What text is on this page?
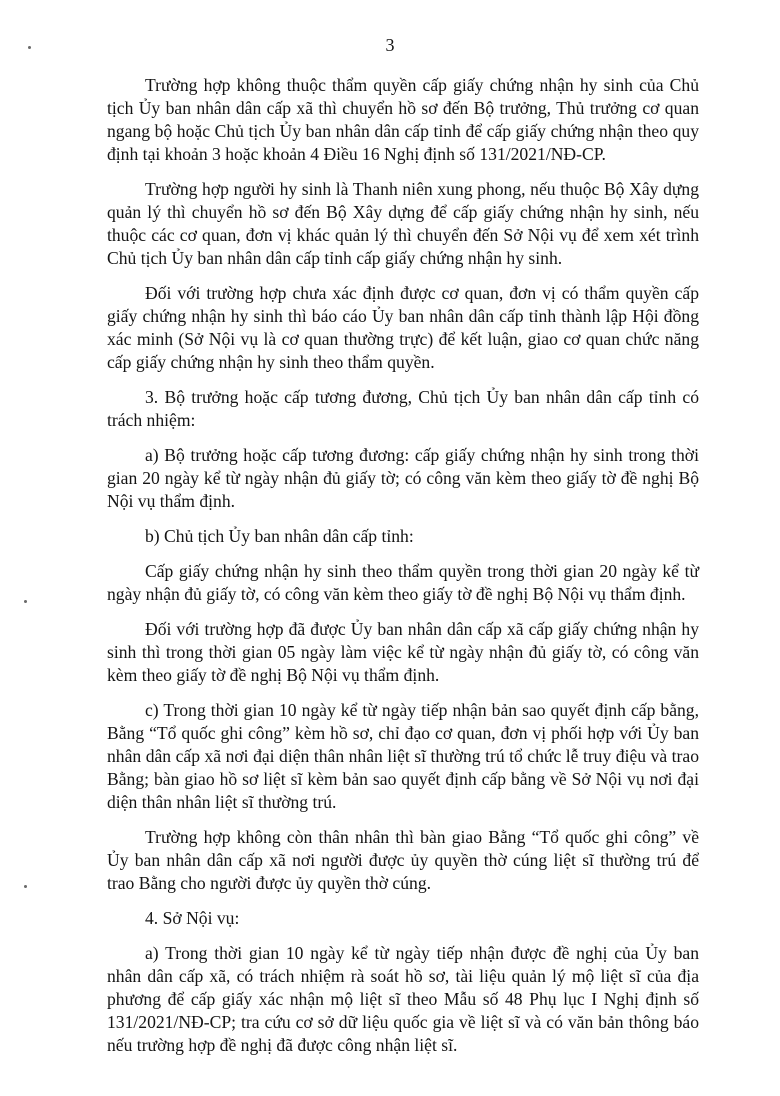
3

Trường hợp không thuộc thẩm quyền cấp giấy chứng nhận hy sinh của Chủ tịch Ủy ban nhân dân cấp xã thì chuyển hồ sơ đến Bộ trưởng, Thủ trưởng cơ quan ngang bộ hoặc Chủ tịch Ủy ban nhân dân cấp tỉnh để cấp giấy chứng nhận theo quy định tại khoản 3 hoặc khoản 4 Điều 16 Nghị định số 131/2021/NĐ-CP.

Trường hợp người hy sinh là Thanh niên xung phong, nếu thuộc Bộ Xây dựng quản lý thì chuyển hồ sơ đến Bộ Xây dựng để cấp giấy chứng nhận hy sinh, nếu thuộc các cơ quan, đơn vị khác quản lý thì chuyển đến Sở Nội vụ để xem xét trình Chủ tịch Ủy ban nhân dân cấp tỉnh cấp giấy chứng nhận hy sinh.

Đối với trường hợp chưa xác định được cơ quan, đơn vị có thẩm quyền cấp giấy chứng nhận hy sinh thì báo cáo Ủy ban nhân dân cấp tỉnh thành lập Hội đồng xác minh (Sở Nội vụ là cơ quan thường trực) để kết luận, giao cơ quan chức năng cấp giấy chứng nhận hy sinh theo thẩm quyền.

3. Bộ trưởng hoặc cấp tương đương, Chủ tịch Ủy ban nhân dân cấp tỉnh có trách nhiệm:

a) Bộ trưởng hoặc cấp tương đương: cấp giấy chứng nhận hy sinh trong thời gian 20 ngày kể từ ngày nhận đủ giấy tờ; có công văn kèm theo giấy tờ đề nghị Bộ Nội vụ thẩm định.

b) Chủ tịch Ủy ban nhân dân cấp tỉnh:

Cấp giấy chứng nhận hy sinh theo thẩm quyền trong thời gian 20 ngày kể từ ngày nhận đủ giấy tờ, có công văn kèm theo giấy tờ đề nghị Bộ Nội vụ thẩm định.

Đối với trường hợp đã được Ủy ban nhân dân cấp xã cấp giấy chứng nhận hy sinh thì trong thời gian 05 ngày làm việc kể từ ngày nhận đủ giấy tờ, có công văn kèm theo giấy tờ đề nghị Bộ Nội vụ thẩm định.

c) Trong thời gian 10 ngày kể từ ngày tiếp nhận bản sao quyết định cấp bằng, Bằng “Tổ quốc ghi công” kèm hồ sơ, chỉ đạo cơ quan, đơn vị phối hợp với Ủy ban nhân dân cấp xã nơi đại diện thân nhân liệt sĩ thường trú tổ chức lễ truy điệu và trao Bằng; bàn giao hồ sơ liệt sĩ kèm bản sao quyết định cấp bằng về Sở Nội vụ nơi đại diện thân nhân liệt sĩ thường trú.

Trường hợp không còn thân nhân thì bàn giao Bằng “Tổ quốc ghi công” về Ủy ban nhân dân cấp xã nơi người được ủy quyền thờ cúng liệt sĩ thường trú để trao Bằng cho người được ủy quyền thờ cúng.

4. Sở Nội vụ:

a) Trong thời gian 10 ngày kể từ ngày tiếp nhận được đề nghị của Ủy ban nhân dân cấp xã, có trách nhiệm rà soát hồ sơ, tài liệu quản lý mộ liệt sĩ của địa phương để cấp giấy xác nhận mộ liệt sĩ theo Mẫu số 48 Phụ lục I Nghị định số 131/2021/NĐ-CP; tra cứu cơ sở dữ liệu quốc gia về liệt sĩ và có văn bản thông báo nếu trường hợp đề nghị đã được công nhận liệt sĩ.
